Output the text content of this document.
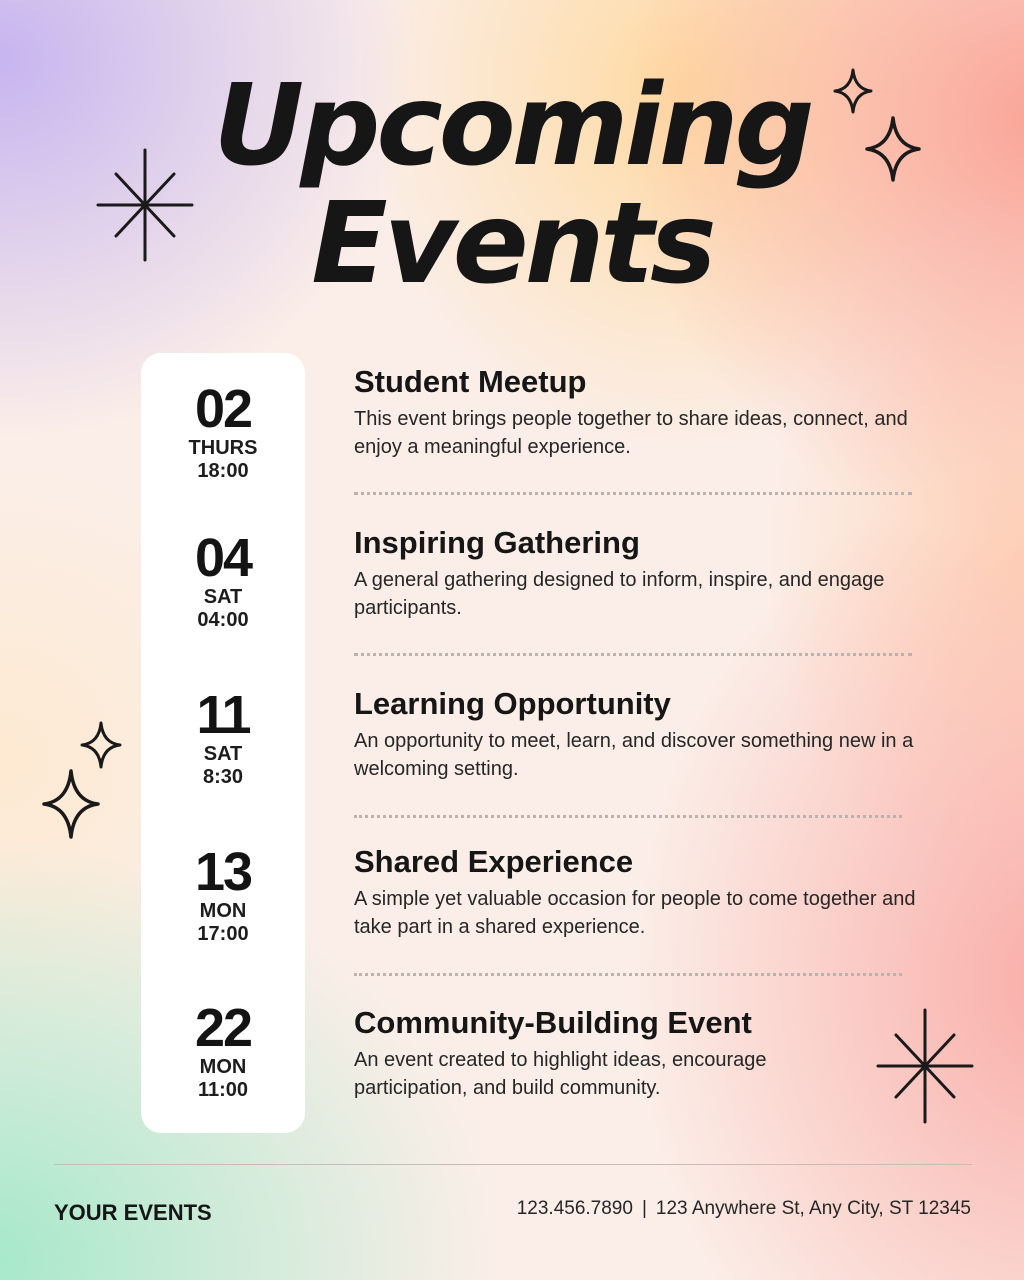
Upcoming
Events
02
THURS
18:00
04
SAT
04:00
11
SAT
8:30
13
MON
17:00
22
MON
11:00
Student Meetup

This event brings people together to share ideas, connect, and enjoy a meaningful experience.

Inspiring Gathering

A general gathering designed to inform, inspire, and engage participants.

Learning Opportunity

An opportunity to meet, learn, and discover something new in a welcoming setting.

Shared Experience

A simple yet valuable occasion for people to come together and take part in a shared experience.

Community-Building Event

An event created to highlight ideas, encourage participation, and build community.

YOUR EVENTS	123.456.7890 | 123 Anywhere St, Any City, ST 12345
